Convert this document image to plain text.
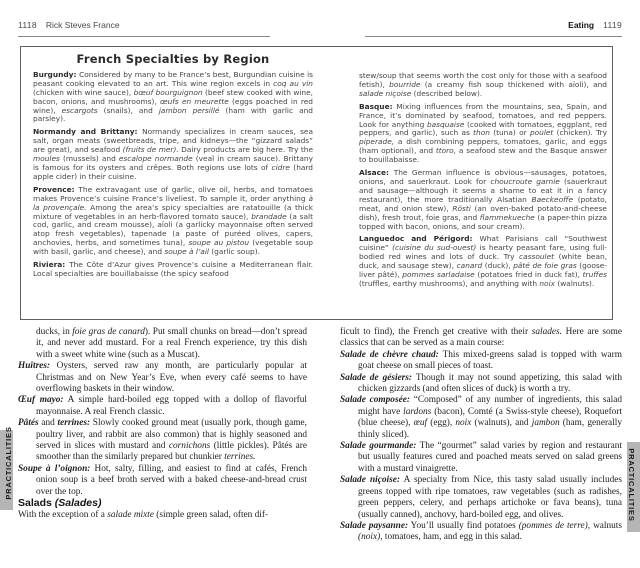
1118 Rick Steves France	Eating 1119
French Specialties by Region

Burgundy: Considered by many to be France’s best, Burgundian cuisine is peasant cooking elevated to an art. This wine region excels in coq au vin (chicken with wine sauce), bœuf bourguignon (beef stew cooked with wine, bacon, onions, and mushrooms), œufs en meurette (eggs poached in red wine), escargots (snails), and jambon persillé (ham with garlic and parsley).

Normandy and Brittany: Normandy specializes in cream sauces, sea salt, organ meats (sweetbreads, tripe, and kidneys—the “gizzard salads” are great), and seafood (fruits de mer). Dairy products are big here. Try the moules (mussels) and escalope normande (veal in cream sauce). Brittany is famous for its oysters and crêpes. Both regions use lots of cidre (hard apple cider) in their cuisine.

Provence: The extravagant use of garlic, olive oil, herbs, and tomatoes makes Provence’s cuisine France’s liveliest. To sample it, order anything à la provençale. Among the area’s spicy specialties are ratatouille (a thick mixture of vegetables in an herb-flavored tomato sauce), brandade (a salt cod, garlic, and cream mousse), aïoli (a garlicky mayonnaise often served atop fresh vegetables), tapenade (a paste of puréed olives, capers, anchovies, herbs, and sometimes tuna), soupe au pistou (vegetable soup with basil, garlic, and cheese), and soupe à l’ail (garlic soup).

Riviera: The Côte d’Azur gives Provence’s cuisine a Mediterranean flair. Local specialties are bouillabaisse (the spicy seafood

stew/soup that seems worth the cost only for those with a seafood fetish), bourride (a creamy fish soup thickened with aïoli), and salade niçoise (described below).

Basque: Mixing influences from the mountains, sea, Spain, and France, it’s dominated by seafood, tomatoes, and red peppers. Look for anything basquaise (cooked with tomatoes, eggplant, red peppers, and garlic), such as thon (tuna) or poulet (chicken). Try piperade, a dish combining peppers, tomatoes, garlic, and eggs (ham optional), and ttoro, a seafood stew and the Basque answer to bouillabaisse.

Alsace: The German influence is obvious—sausages, potatoes, onions, and sauerkraut. Look for choucroute garnie (sauerkraut and sausage—although it seems a shame to eat it in a fancy restaurant), the more traditionally Alsatian Baeckeoffe (potato, meat, and onion stew), Rösti (an oven-baked potato-and-cheese dish), fresh trout, foie gras, and flammekueche (a paper-thin pizza topped with bacon, onions, and sour cream).

Languedoc and Périgord: What Parisians call “Southwest cuisine” (cuisine du sud-ouest) is hearty peasant fare, using full-bodied red wines and lots of duck. Try cassoulet (white bean, duck, and sausage stew), canard (duck), pâté de foie gras (goose-liver pâté), pommes sarladaise (potatoes fried in duck fat), truffes (truffles, earthy mushrooms), and anything with noix (walnuts).

ducks, in foie gras de canard). Put small chunks on bread—don’t spread it, and never add mustard. For a real French experience, try this dish with a sweet white wine (such as a Muscat).

Huîtres: Oysters, served raw any month, are particularly popular at Christmas and on New Year’s Eve, when every café seems to have overflowing baskets in their window.

Œuf mayo: A simple hard-boiled egg topped with a dollop of flavorful mayonnaise. A real French classic.

Pâtés and terrines: Slowly cooked ground meat (usually pork, though game, poultry liver, and rabbit are also common) that is highly seasoned and served in slices with mustard and cornichons (little pickles). Pâtés are smoother than the similarly prepared but chunkier terrines.

Soupe à l’oignon: Hot, salty, filling, and easiest to find at cafés, French onion soup is a beef broth served with a baked cheese-and-bread crust over the top.

Salads (Salades)

With the exception of a salade mixte (simple green salad, often dif-

ficult to find), the French get creative with their salades. Here are some classics that can be served as a main course:

Salade de chèvre chaud: This mixed-greens salad is topped with warm goat cheese on small pieces of toast.

Salade de gésiers: Though it may not sound appetizing, this salad with chicken gizzards (and often slices of duck) is worth a try.

Salade composée: “Composed” of any number of ingredients, this salad might have lardons (bacon), Comté (a Swiss-style cheese), Roquefort (blue cheese), œuf (egg), noix (walnuts), and jambon (ham, generally thinly sliced).

Salade gourmande: The “gourmet” salad varies by region and restaurant but usually features cured and poached meats served on salad greens with a mustard vinaigrette.

Salade niçoise: A specialty from Nice, this tasty salad usually includes greens topped with ripe tomatoes, raw vegetables (such as radishes, green peppers, celery, and perhaps artichoke or fava beans), tuna (usually canned), anchovy, hard-boiled egg, and olives.

Salade paysanne: You’ll usually find potatoes (pommes de terre), walnuts (noix), tomatoes, ham, and egg in this salad.

PRACTICALITIES	PRACTICALITIES
